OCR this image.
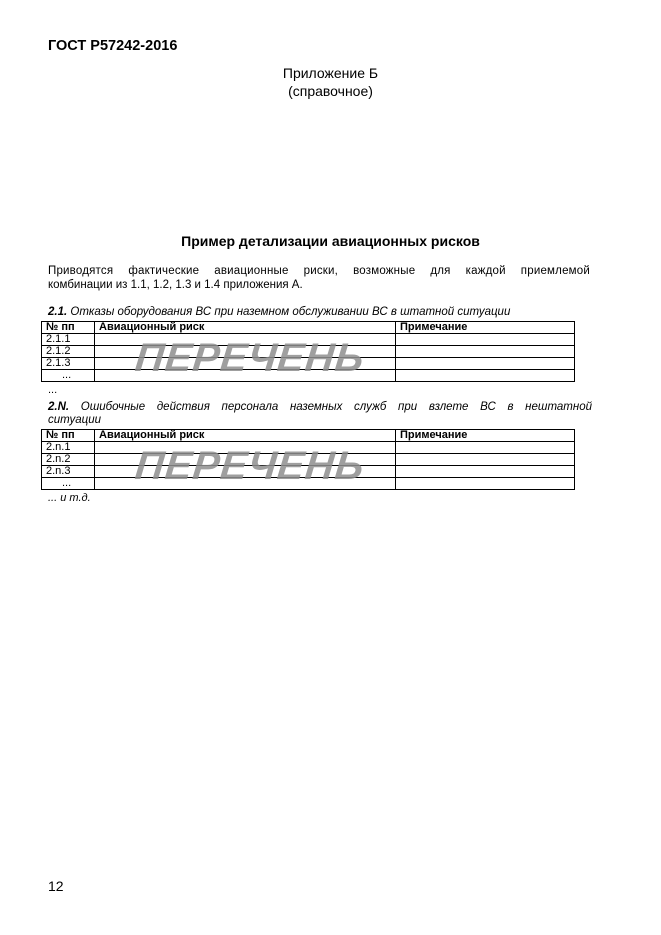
ГОСТ Р57242-2016
Приложение Б
(справочное)
Пример детализации авиационных рисков

Приводятся фактические авиационные риски, возможные для каждой приемлемой

комбинации из 1.1, 1.2, 1.3 и 1.4 приложения А.

2.1. Отказы оборудования ВС при наземном обслуживании ВС в штатной ситуации
№ пп	Авиационный риск	Примечание
2.1.1		
2.1.2		
2.1.3		
...		ПЕРЕЧЕНЬ
...
2.N. Ошибочные действия персонала наземных служб при взлете ВС в нештатной
ситуации
№ пп	Авиационный риск	Примечание
2.n.1		
2.n.2		
2.n.3		
...		ПЕРЕЧЕНЬ
... и т.д.
12
